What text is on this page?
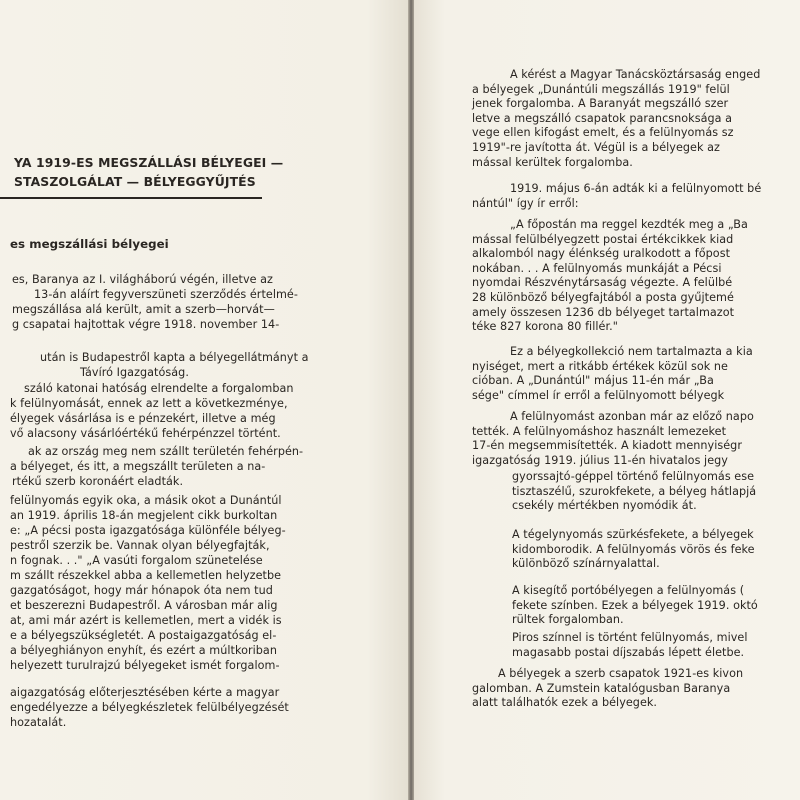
YA 1919-ES MEGSZÁLLÁSI BÉLYEGEI —
STASZOLGÁLAT — BÉLYEGGYŰJTÉS
es megszállási bélyegei
es, Baranya az I. világháború végén, illetve az
13-án aláírt fegyverszüneti szerződés értelmé-
megszállása alá került, amit a szerb—horvát—
g csapatai hajtottak végre 1918. november 14-
után is Budapestről kapta a bélyegellátmányt a
Távíró Igazgatóság.
száló katonai hatóság elrendelte a forgalomban
k felülnyomását, ennek az lett a következménye,
élyegek vásárlása is e pénzekért, illetve a még
vő alacsony vásárlóértékű fehérpénzzel történt.
ak az ország meg nem szállt területén fehérpén-
a bélyeget, és itt, a megszállt területen a na-
rtékű szerb koronáért eladták.
felülnyomás egyik oka, a másik okot a Dunántúl
an 1919. április 18-án megjelent cikk burkoltan
e: „A pécsi posta igazgatósága különféle bélyeg-
pestről szerzik be. Vannak olyan bélyegfajták,
n fognak. . ." „A vasúti forgalom szünetelése
m szállt részekkel abba a kellemetlen helyzetbe
gazgatóságot, hogy már hónapok óta nem tud
et beszerezni Budapestről. A városban már alig
at, ami már azért is kellemetlen, mert a vidék is
e a bélyegszükségletét. A postaigazgatóság el-
a bélyeghiányon enyhít, és ezért a múltkoriban
helyezett turulrajzú bélyegeket ismét forgalom-
aigazgatóság előterjesztésében kérte a magyar
engedélyezze a bélyegkészletek felülbélyegzését
hozatalát.
A kérést a Magyar Tanácsköztársaság enged
a bélyegek „Dunántúli megszállás 1919" felül
jenek forgalomba. A Baranyát megszálló szer
letve a megszálló csapatok parancsnoksága a
vege ellen kifogást emelt, és a felülnyomás sz
1919"-re javította át. Végül is a bélyegek az
mással kerültek forgalomba.
1919. május 6-án adták ki a felülnyomott bé
nántúl" így ír erről:
„A főpostán ma reggel kezdték meg a „Ba
mással felülbélyegzett postai értékcikkek kiad
alkalomból nagy élénkség uralkodott a főpost
nokában. . . A felülnyomás munkáját a Pécsi
nyomdai Részvénytársaság végezte. A felülbé
28 különböző bélyegfajtából a posta gyűjtemé
amely összesen 1236 db bélyeget tartalmazot
téke 827 korona 80 fillér."
Ez a bélyegkollekció nem tartalmazta a kia
nyiséget, mert a ritkább értékek közül sok ne
cióban. A „Dunántúl" május 11-én már „Ba
sége" címmel ír erről a felülnyomott bélyegk
A felülnyomást azonban már az előző napo
tették. A felülnyomáshoz használt lemezeket
17-én megsemmisítették. A kiadott mennyiségr
igazgatóság 1919. július 11-én hivatalos jegy
gyorssajtó-géppel történő felülnyomás ese
tisztaszélű, szurokfekete, a bélyeg hátlapjá
csekély mértékben nyomódik át.
A tégelynyomás szürkésfekete, a bélyegek
kidomborodik. A felülnyomás vörös és feke
különböző színárnyalattal.
A kisegítő portóbélyegen a felülnyomás (
fekete színben. Ezek a bélyegek 1919. októ
rültek forgalomban.
Piros színnel is történt felülnyomás, mivel
magasabb postai díjszabás lépett életbe.
A bélyegek a szerb csapatok 1921-es kivon
galomban. A Zumstein katalógusban Baranya
alatt találhatók ezek a bélyegek.
